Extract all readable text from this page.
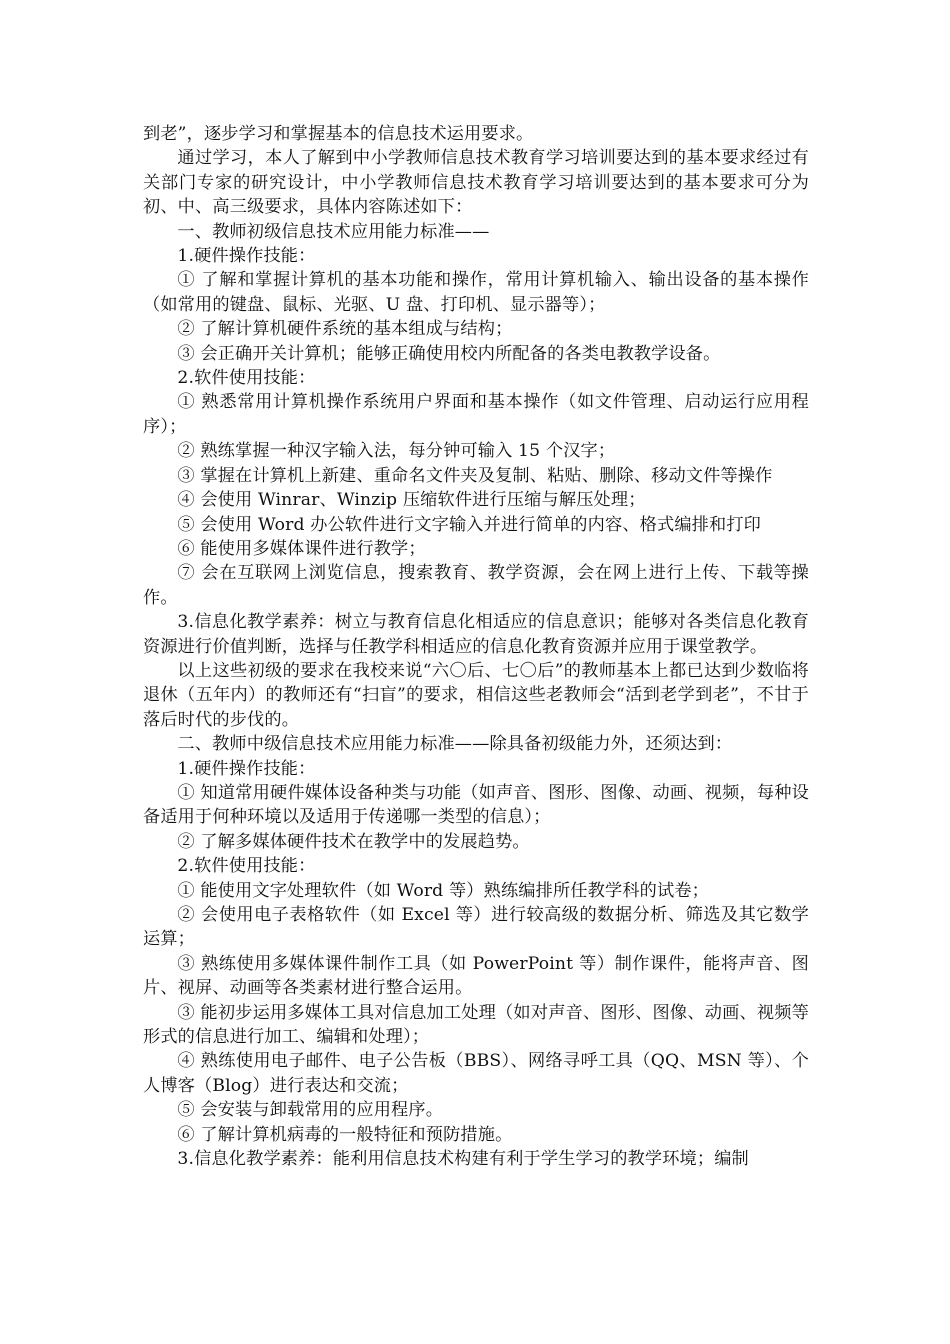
到老”，逐步学习和掌握基本的信息技术运用要求。

通过学习，本人了解到中小学教师信息技术教育学习培训要达到的基本要求经过有关部门专家的研究设计，中小学教师信息技术教育学习培训要达到的基本要求可分为初、中、高三级要求，具体内容陈述如下：

一、教师初级信息技术应用能力标准——

1.硬件操作技能：

① 了解和掌握计算机的基本功能和操作，常用计算机输入、输出设备的基本操作（如常用的键盘、鼠标、光驱、U 盘、打印机、显示器等）；

② 了解计算机硬件系统的基本组成与结构；

③ 会正确开关计算机；能够正确使用校内所配备的各类电教教学设备。

2.软件使用技能：

① 熟悉常用计算机操作系统用户界面和基本操作（如文件管理、启动运行应用程序）；

② 熟练掌握一种汉字输入法，每分钟可输入 15 个汉字；

③ 掌握在计算机上新建、重命名文件夹及复制、粘贴、删除、移动文件等操作

④ 会使用 Winrar、Winzip 压缩软件进行压缩与解压处理；

⑤ 会使用 Word 办公软件进行文字输入并进行简单的内容、格式编排和打印

⑥ 能使用多媒体课件进行教学；

⑦ 会在互联网上浏览信息，搜索教育、教学资源，会在网上进行上传、下载等操作。

3.信息化教学素养：树立与教育信息化相适应的信息意识；能够对各类信息化教育资源进行价值判断，选择与任教学科相适应的信息化教育资源并应用于课堂教学。

以上这些初级的要求在我校来说“六〇后、七〇后”的教师基本上都已达到少数临将退休（五年内）的教师还有“扫盲”的要求，相信这些老教师会“活到老学到老”，不甘于落后时代的步伐的。

二、教师中级信息技术应用能力标准——除具备初级能力外，还须达到：

1.硬件操作技能：

① 知道常用硬件媒体设备种类与功能（如声音、图形、图像、动画、视频，每种设备适用于何种环境以及适用于传递哪一类型的信息）；

② 了解多媒体硬件技术在教学中的发展趋势。

2.软件使用技能：

① 能使用文字处理软件（如 Word 等）熟练编排所任教学科的试卷；

② 会使用电子表格软件（如 Excel 等）进行较高级的数据分析、筛选及其它数学运算；

③ 熟练使用多媒体课件制作工具（如 PowerPoint 等）制作课件，能将声音、图片、视屏、动画等各类素材进行整合运用。

③ 能初步运用多媒体工具对信息加工处理（如对声音、图形、图像、动画、视频等形式的信息进行加工、编辑和处理）；

④ 熟练使用电子邮件、电子公告板（BBS）、网络寻呼工具（QQ、MSN 等）、个人博客（Blog）进行表达和交流；

⑤ 会安装与卸载常用的应用程序。

⑥ 了解计算机病毒的一般特征和预防措施。

3.信息化教学素养：能利用信息技术构建有利于学生学习的教学环境；编制
